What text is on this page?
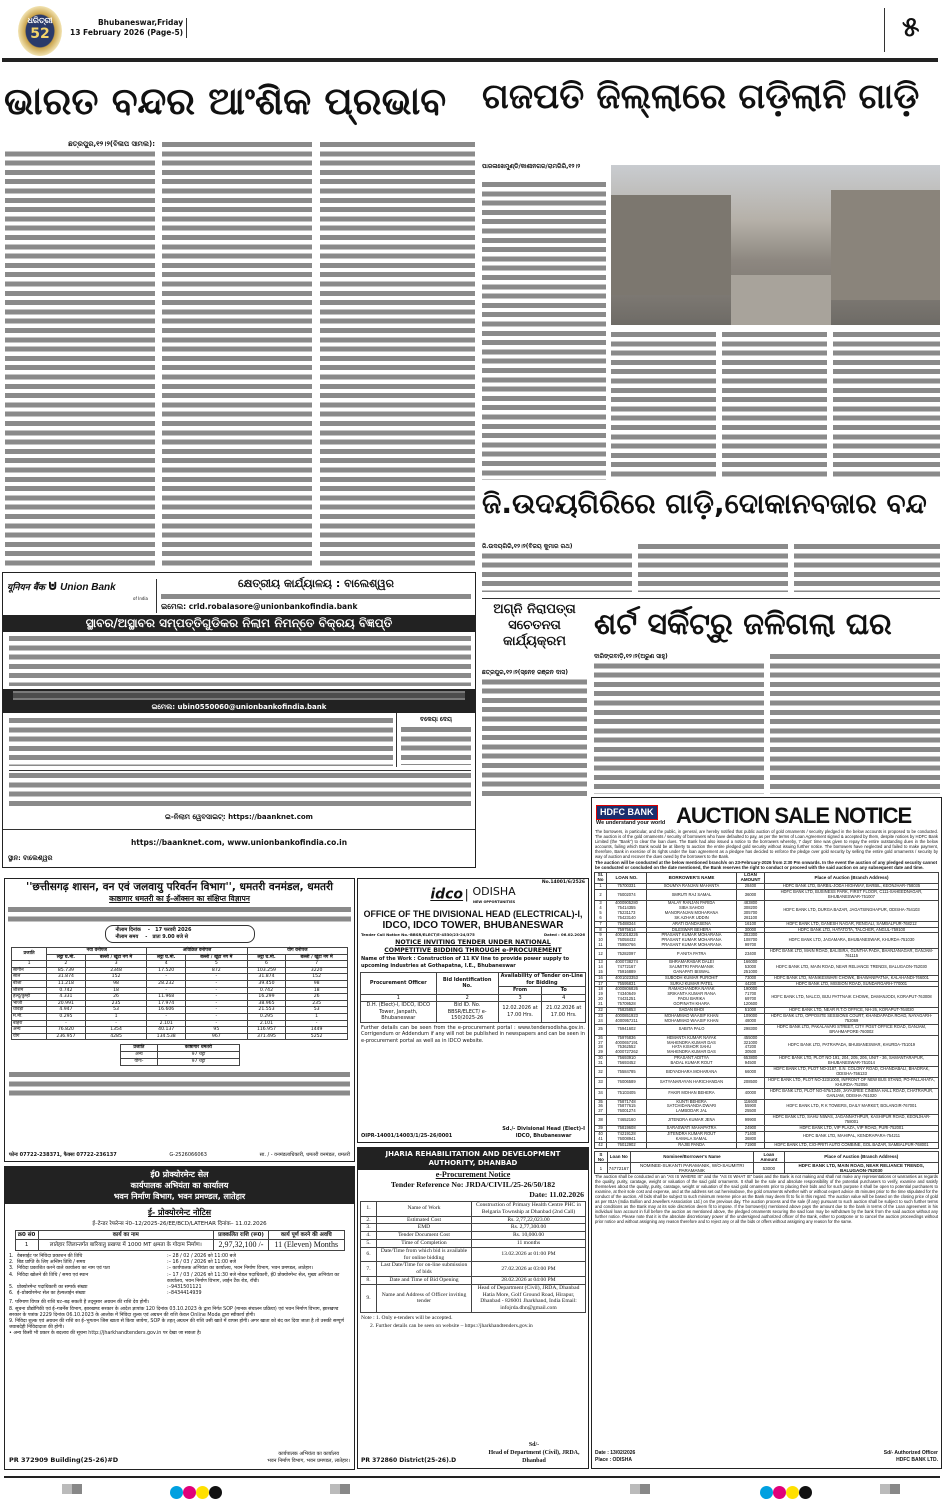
ଧରିତ୍ରୀ
52
Bhubaneswar,Friday
13 February 2026 (Page-5)	୫
ଭାରତ ବନ୍ଦର ଆଂଶିକ ପ୍ରଭାବ ଗଜପତି ଜିଲ୍ଲାରେ ଗଡ଼ିଲାନି ଗାଡ଼ି
ଛତ୍ରପୁର,୧୨।୨(ବିଳାପ ସାମଲ):
ପାରଳାଖେମୁଣ୍ଡି/କାଶୀନଗର/ରାମଗିରି,୧୨।୨
ଜି.ଉଦୟଗିରିରେ ଗାଡ଼ି,ଦୋକାନବଜାର ବନ୍ଦ
ଜି.ଉଦୟଗିରି,୧୨।୨(ବିଜୟ କୁମାର ରଥ)
ଅଗ୍ନି ନିରାପତ୍ତା ସଚେତନତା କାର୍ଯ୍ୟକ୍ରମ
ଛତ୍ରପୁର,୧୨।୨(ସ୍ନେହ ରଞ୍ଜନ ଦାସ)
ଶର୍ଟ ସର୍କିଟ୍‌ରୁ ଜଳିଗଲା ଘର
ଦାରିଙ୍ଗବାଡ଼ି,୧୨।୨(ଅରୁଣ ସାହୁ)
यूनियन बैंक ⊍ Union Bank
of India
କ୍ଷେତ୍ରୀୟ କାର୍ଯ୍ୟାଳୟ : ବାଲେଶ୍ୱର
ଇମେଲ: crld.robalasore@unionbankofindia.bank
ସ୍ଥାବର/ଅସ୍ଥାବର ସମ୍ପତ୍ତିଗୁଡିକର ନିଲାମ ନିମନ୍ତେ ବିକ୍ରୟ ବିଜ୍ଞପ୍ତି
ଇମେଲ: ubin0550060@unionbankofindia.bank
ବକେୟା ଦେୟ
ଇ-ନିଲାମ ୱେବସାଇଟ୍: https://baanknet.com
https://baanknet.com, www.unionbankofindia.co.in
ସ୍ଥାନ: ବାଲେଶ୍ୱର
''छत्तीसगढ़ शासन, वन एवं जलवायु परिवर्तन विभाग'', धमतरी वनमंडल, धमतरी
काष्ठागार धमतरी का ई-ऑक्सन का संक्षिप्त विज्ञापन
नीलाम दिनांक    -   17 फरवरी 2026
नीलाम समय    -   प्रातः 9.00 बजे से
प्रजाति	नया वनोपज		अविक्रित वनोपज		योग वनोपज	
	लट्ठा घ.मी.	बल्ली / खूंटा नग में	लट्ठा घ.मी.	बल्ली / खूंटा नग में	लट्ठा घ.मी.	बल्ली / खूंटा नग में
1	2	3	4	5	6	7
सागौन	85.739	2348	17.520	872	103.259	3220
साल	31.874	152	-	-	31.874	152
बीजा	11.218	98	28.232	-	39.450	98
शीशम	0.742	18	-	-	0.742	18
हल्दू/कुम्ही	4.331	26	11.968	-	16.299	26
भाजी	20.991	235	17.974	-	38.965	235
धावड़ा	4.947	53	16.606	-	21.553	53
म.मी.	0.295	1	-	-	0.295	1
बाहरा	-	-	2.101	-	2.101	-
अन्य	76.820	1354	40.137	95	116.957	1449
योग	236.957	4285	134.538	967	371.495	5252
प्रजाति	काष्ठागार धमतरी
अन्य	97 चट्टा
योगः-	97 चट्टा
फोनः 07722-238371, फैक्सः 07722-236137	G-2526066063	सा. / - वनमंडलाधिकारी, धमतरी वनमंडल, धमतरी
ई0 प्रोक्योरमेन्ट सेल
कार्यपालक अभियंता का कार्यालय
भवन निर्माण विभाग, भवन प्रमण्डल, लातेहार
ई- प्रोक्योरमेन्ट नोटिस
ई–टेन्डर रेफरेन्स नं0–12/2025-26/EE/BCD/LATEHAR दिनांक– 11.02.2026
क्र0 सं0	कार्य का नाम	प्राक्कलित राशि (रू0)	कार्य पूर्ण करने की अवधि
1	लातेहार जिलान्तर्गत बारियातु प्रखण्ड में 1000 MT क्षमता के गोदाम निर्माण।	2,97,32,100 /-	11 (Eleven) Months
1. वेबसाईट पर निविदा प्रकाशन की तिथि	:– 28 / 02 / 2026 को 11:00 बजे
2. बिड प्राप्ति के लिए अन्तिम तिथि / समय	:– 16 / 03 / 2026 को 11:00 बजे
3. निविदा प्रकाशित करने वाले कार्यालय का नाम एवं पता	:– कार्यपालक अभियंता का कार्यालय, भवन निर्माण विभाग, भवन प्रमण्डल, लातेहार।
4. निविदा खोलने की तिथि / समय एवं स्थान	:– 17 / 03 / 2026 को 11:30 बजे नोडल पदाधिकारी, ई0 प्रोक्योरमेन्ट सेल, मुख्य अभियंता का कार्यालय, भवन निर्माण विभाग, लाईन टैंक रोड, राँची।
5. प्रोक्योरमेन्ट पदाधिकारी का सम्पर्क संख्या	:–9431501121
6. ई–प्रोक्योरमेन्ट सेल का हेल्पलाईन संख्या	:–8434414939
7. परिमाण विपत्र की राशि घट–बढ़ सकती है तद्नुसार अग्रधन की राशि देय होगी।
8. सूचना प्रौद्योगिकी एवं ई–गवर्नेंस विभाग, झारखण्ड सरकार के आदेश ज्ञापांक 120 दिनांक 03.10.2023 के द्वारा निर्गत SOP (मानक संचालन प्रक्रिया) एवं भवन निर्माण विभाग, झारखण्ड सरकार के पत्रांक 2229 दिनांक 06.10.2023 के आलोक में निविदा शुल्क एवं अग्रधन की राशि केवल Online Mode द्वारा स्वीकार्य होगी।
9. निविदा शुल्क एवं अग्रधन की राशि का ई–भुगतान जिस खाता से किया जायेगा, SOP के तहत् अग्रधन की राशि उसी खाते में वापस होगी। अगर खाता को बंद कर दिया जाता है तो उसकी सम्पूर्ण जवाबदेही निविदादाता की होगी।
• अन्य किसी भी प्रकार के बदलाव की सूचना http://jharkhandtenders.gov.in पर देखा जा सकता है।
PR 372909 Building(25-26)#D
कार्यपालक अभियंता का कार्यालय
भवन निर्माण विभाग, भवन प्रमण्डल, लातेहार।
No.14001/6/2526
idco | ODISHA
NEW OPPORTUNITIES
OFFICE OF THE DIVISIONAL HEAD (ELECTRICAL)-I,
IDCO, IDCO TOWER, BHUBANESWAR
Tender Call Notice No.-BBSR/ELECT/E-4530/23-24/375	Dated : 06.02.2026
NOTICE INVITING TENDER UNDER NATIONAL
COMPETITIVE BIDDING THROUGH e-PROCUREMENT
Name of the Work : Construction of 11 KV line to provide power supply to upcoming industries at Gothapatna, I.E., Bhubaneswar
Procurement Officer	Bid Identification No.	Availability of Tender on-Line for Bidding	
		From	To
1	2	3	4
D.H. (Elect)-I, IDCO, IDCO Tower, Janpath, Bhubaneswar	Bid ID. No. BBSR/ELECT/ e-150/2025-26	12.02.2026 at 17.00 Hrs.	21.02.2026 at 17.00 Hrs.
Further details can be seen from the e-procurement portal : www.tendersodisha.gov.in. Corrigendum or Addendum if any will not be published in newspapers and can be seen in e-procurement portal as well as in IDCO website.
OIPR-14001/14003/1/25-26/0001
Sd./- Divisional Head (Elect)-I
IDCO, Bhubaneswar
JHARIA REHABILITATION AND DEVELOPMENT AUTHORITY, DHANBAD
e-Procurement Notice
Tender Reference No: JRDA/CIVIL/25-26/50/182
Date: 11.02.2026
1.	Name of Work	Construction of Primary Health Centre PHC in Belgaria Township at Dhanbad (2nd Call)
2.	Estimated Cost	Rs. 2,77,22,023.00
3.	EMD	Rs. 2,77,300.00
4.	Tender Document Cost	Rs. 10,000.00
5.	Time of Completion	11 months
6.	Date/Time from which bid is available for online bidding	13.02.2026 at 01:00 PM
7.	Last Date/Time for on-line submission of bids	27.02.2026 at 03:00 PM
8.	Date and Time of Bid Opening	28.02.2026 at 04:00 PM
9.	Name and Address of Officer inviting tender	Head of Department (Civil), JRDA, Dhanbad Hatia More, Golf Ground Road, Hirapur, Dhanbad - 826001 Jharkhand, India Email: infojrda.dhn@gmail.com
Note : 1. Only e-tenders will be accepted.
2. Further details can be seen on website – https://jharkhandtenders.gov.in
PR 372860 District(25-26).D
Sd/-
Head of Department (Civil), JRDA, Dhanbad
HDFC BANK
We understand your world AUCTION SALE NOTICE
The borrowers, in particular, and the public, in general, are hereby notified that public auction of gold ornaments / security pledged in the below accounts is proposed to be conducted. The auction is of the gold ornaments / security of borrowers who have defaulted to pay, as per the terms of Loan Agreement signed & accepted by them, despite notices by HDFC Bank Limited (the "Bank") to clear the loan dues. The Bank had also issued a notice to the borrowers whereby, 7 days' time was given to repay the entire outstanding dues in the below accounts, failing which Bank would be at liberty to auction the entire pledged gold security without issuing further notice. The borrowers have neglected and failed to make payment, therefore, Bank in exercise of its rights under the loan agreement as a pledgee has decided to enforce the pledge over gold security by selling the entire gold ornaments / security by way of auction and recover the dues owed by the borrowers to the Bank.
The auction will be conducted at the below mentioned branch/s on 23-February-2026 from 2:30 Pm onwards. In the event the auction of any pledged security cannot be conducted or concluded on the date mentioned, the Bank reserves the right to conduct or proceed with the said auction on any subsequent date and time.
Sl. No	LOAN NO.	BORROWER'S NAME	LOAN AMOUNT	Place of Auction (Branch Address)
1	75700331	SOUMYA RANJAN MAHANTA	28400	HDFC BANK LTD, BARBIL-JODA HIGHWAY, BARBIL, KEONJHAR-758035
2	76002074	SMRUTI RAJ SAMAL	36000	HDFC BANK LTD, BUSINESS PARK, FIRST FLOOR, C111-SAHEEDNAGAR, BHUBANESWAR-751007
3	4000905280	MALAY RANJAN PARIDA	483800	HDFC BANK LTD, DURGA BAZAR, JAGATSINGHAPUR, ODISHA-754103
4	75414355	SIBA SAHOO	308200	
5	75231173	MANORANJAN MOHARANA	305700	
6	75423140	SK AZHAR UDDIN	281100	
7	75488344	ARATI DANDASENA	16100	HDFC BANK LTD, GANESH NAGAR, RENGALI, SAMBALPUR-768212
8	75975614	DILESWAR BEHERA	30000	HDFC BANK LTD, HATATOTA, TALCHER, ANGUL-759100
9	4001018226	PRASANT KUMAR MOHARANA	302300	HDFC BANK LTD, JAGAMARA, BHUBANESWAR, KHURDA-751030
10	76058432	PRASANT KUMAR MOHARANA	108700	
11	75950766	PRASANT KUMAR MOHARANA	99700	
12	75282097	P ANITA PATRA	23400	HDFC BANK LTD, MAIN ROAD, BALISIRA, GUNTHA PADA, BHANJANAGAR, GANJAM-761115
13	4000738274	BHRAMARABAR DALEI	166000	HDFC BANK LTD, MAIN ROAD, NEAR RELIANCE TRENDS, BALUGAON-752030
14	74772167	SAUMITRI PARAMANIK	53000	
15	75916889	GANAPATI BISWAL	251000	
16	4001023353	SUBODH KUMAR PUROHIT	73000	HDFC BANK LTD, MANIKESWARI CHOWK, BHAWANIPATNA, KALAHANDI-766001
17	75595831	SURAJ KUMAR PATEL	44200	HDFC BANK LTD, MISSION ROAD, SUNDARGARH-770001
18	4000806826	RAMACHANDRA NAYAK	190000	HDFC BANK LTD, NALCO, BIJU PATTNAIK CHOWK, DAMANJODI, KORAPUT-763008
19	74340649	SRIKANTA KUMAR RANA	71700	
20	74431251	PADU BARIKA	69700	
21	75709528	GOPINATH KHARA	120600	
22	75825853	SADAN BHOI	51000	HDFC BANK LTD, NEAR R.T.O OFFICE, NH-26, KORAPUT-764020
23	4000851923	MOHAMMAD WAASIF KHAN	109000	HDFC BANK LTD, OPPOSITE SESSIONS COURT, KHANDAPADA ROAD, NAYAGARH-752069
24	4000957211	MOHAMMAD WAASIF KHAN	48000	
25	75941602	SABITA PALO	298300	HDFC BANK LTD, PAKALAVARI STREET, CITY POST OFFICE ROAD, GANJAM, BRAHMAPORE-760002
26	75976836	HEMANTA KUMAR NAYAK	455000	HDFC BANK LTD, PATRAPADA, BHUBANESWAR, KHURDA-751019
27	4000657191	MAHENDRA KUMAR DAS	321000	
28	75362552	HATA KISHOR SAHU	47200	
29	4000727262	MAHENDRA KUMAR DAS	30500	
30	75693910	PRASANT ADITYA	653800	HDFC BANK LTD, PLOT NO 191, 204, 205, 206, UNIT - 36, SAMANTARAPUR, BHUBANESWAR-751014
31	75693452	BADAL KUMAR ROUT	94500	
32	75584785	BIDYADHARA MOHARANA	66000	HDFC BANK LTD, PLOT NO-2187, S.N. COLONY ROAD, CHANDABALI, BHADRAK, ODISHA-756133
33	76006589	SATYANARAYAN HARICHANDAN	208500	HDFC BANK LTD, PLOT NO-323/1000, INFRONT OF NEW BUS STAND, PO-PALLAHATA, KHURDA-752056
34	75103405	FAKIR MOHAN BEHERA	40000	HDFC BANK LTD, PLOT NO-676/1249, JAYASREE CINEMA HALL ROAD, CHATRAPUR, GANJAM, ODISHA-761020
35	75871748	KUNTI BEHERA	116600	HDFC BANK LTD, R K TOWERS, DAILY MARKET, BOLANGIR-767001
36	75877615	SATCHIDANANDA DWARI	55900	
37	76001274	LAMBODAR JAL	25500	
38	74652160	JITENDRA KUMAR JENA	99900	HDFC BANK LTD, SAHU NIWAS, JAGANNATHPUR, KASHIPUR ROAD, KEONJHAR-758001
39	75819608	SARASWATI MAHAPATRA	24900	HDFC BANK LTD, VIP PLAZA, VIP ROAD, PURI-752001
40	74219128	JITENDRA KUMAR ROUT	71400	HDFC BANK LTD, MAHIPAL, KENDRAPARA-754211
41	76008941	KAMALA SAMAL	36800	
42	76012902	RAJIB PANDA	71900	HDFC BANK LTD, C/O-PRITI AUTO COMBINE, GOL BAZAR, SAMBALPUR-768001
S No	Loan No	Nominee/Borrower's Name	Loan Amount	Place of Auction (Branch Address)
1	74772167	NOMINEE-SUKANTI PARAMANIK, W/O-SAUMITRI PARAMANIK	53000	HDFC BANK LTD, MAIN ROAD, NEAR RELIANCE TRENDS, BALUGAON-752030
The auction shall be conducted on an "AS IS WHERE IS" and the "AS IS WHAT IS" basis and the Bank is not making and shall not make any representations or warranties as regards the quality, purity, caratage, weight or valuation of the said gold ornaments. It shall be the sole and absolute responsibility of the potential purchasers to verify, examine and satisfy themselves about the quality, purity, caratage, weight or valuation of the said gold ornaments prior to placing their bids and for such purpose it shall be open to potential purchasers to examine, at their sole cost and expense, and at the address set out hereinabove, the gold ornaments whether with or without expert advice 45 minutes prior to the time stipulated for the conduct of the auction. All bids shall be subject to such minimum reserve price as the Bank may deem fit to fix in this regard. The auction value will be based on the closing price of gold as per IBJA (India Bullion and Jewellers Association Ltd.) on the previous day. The auction process and the sale (if any) pursuant to such auction shall be subject to such further terms and conditions as the Bank may at its sole discretion deem fit to impose. If the borrower(s) mentioned above pays the amount due to the bank in terms of the Loan agreement in his individual loan account in full before the auction as mentioned above, the pledged ornaments securing the said loan may be withdrawn by the bank from the said auction without any further notice. Please note that it is the absolute discretionary power of the undersigned authorized officer of the Bank, either to postpone or to cancel the auction proceedings without prior notice and without assigning any reason therefore and to reject any or all the bids or offers without assigning any reason for the same.
Date : 13/02/2026
Place : ODISHA
Sd/- Authorized Officer
HDFC BANK LTD.
